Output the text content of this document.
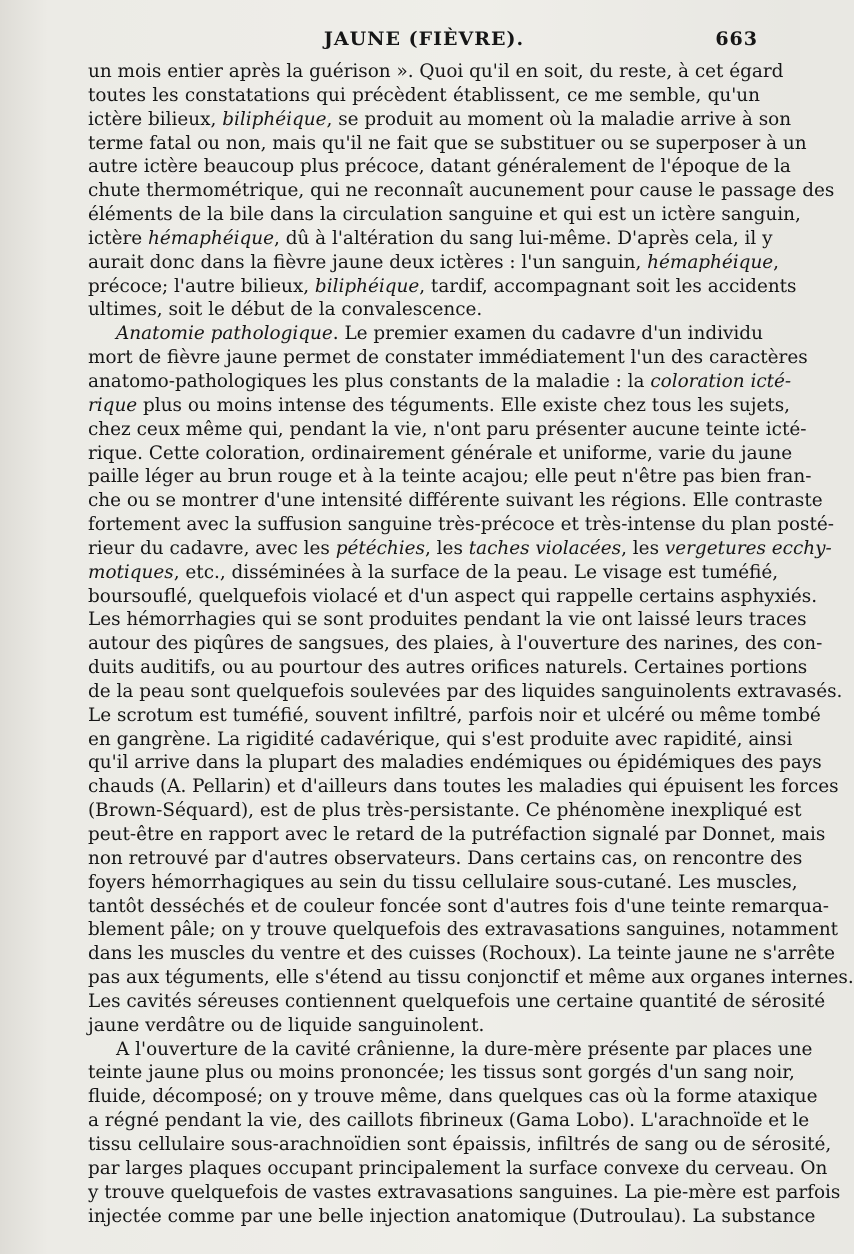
JAUNE (FIÈVRE).	663

un mois entier après la guérison ». Quoi qu'il en soit, du reste, à cet égard
toutes les constatations qui précèdent établissent, ce me semble, qu'un
ictère bilieux, biliphéique, se produit au moment où la maladie arrive à son
terme fatal ou non, mais qu'il ne fait que se substituer ou se superposer à un
autre ictère beaucoup plus précoce, datant généralement de l'époque de la
chute thermométrique, qui ne reconnaît aucunement pour cause le passage des
éléments de la bile dans la circulation sanguine et qui est un ictère sanguin,
ictère hémaphéique, dû à l'altération du sang lui-même. D'après cela, il y
aurait donc dans la fièvre jaune deux ictères : l'un sanguin, hémaphéique,
précoce; l'autre bilieux, biliphéique, tardif, accompagnant soit les accidents
ultimes, soit le début de la convalescence.

Anatomie pathologique. Le premier examen du cadavre d'un individu
mort de fièvre jaune permet de constater immédiatement l'un des caractères
anatomo-pathologiques les plus constants de la maladie : la coloration icté-
rique plus ou moins intense des téguments. Elle existe chez tous les sujets,
chez ceux même qui, pendant la vie, n'ont paru présenter aucune teinte icté-
rique. Cette coloration, ordinairement générale et uniforme, varie du jaune
paille léger au brun rouge et à la teinte acajou; elle peut n'être pas bien fran-
che ou se montrer d'une intensité différente suivant les régions. Elle contraste
fortement avec la suffusion sanguine très-précoce et très-intense du plan posté-
rieur du cadavre, avec les pétéchies, les taches violacées, les vergetures ecchy-
motiques, etc., disséminées à la surface de la peau. Le visage est tuméfié,
boursouflé, quelquefois violacé et d'un aspect qui rappelle certains asphyxiés.
Les hémorrhagies qui se sont produites pendant la vie ont laissé leurs traces
autour des piqûres de sangsues, des plaies, à l'ouverture des narines, des con-
duits auditifs, ou au pourtour des autres orifices naturels. Certaines portions
de la peau sont quelquefois soulevées par des liquides sanguinolents extravasés.
Le scrotum est tuméfié, souvent infiltré, parfois noir et ulcéré ou même tombé
en gangrène. La rigidité cadavérique, qui s'est produite avec rapidité, ainsi
qu'il arrive dans la plupart des maladies endémiques ou épidémiques des pays
chauds (A. Pellarin) et d'ailleurs dans toutes les maladies qui épuisent les forces
(Brown-Séquard), est de plus très-persistante. Ce phénomène inexpliqué est
peut-être en rapport avec le retard de la putréfaction signalé par Donnet, mais
non retrouvé par d'autres observateurs. Dans certains cas, on rencontre des
foyers hémorrhagiques au sein du tissu cellulaire sous-cutané. Les muscles,
tantôt desséchés et de couleur foncée sont d'autres fois d'une teinte remarqua-
blement pâle; on y trouve quelquefois des extravasations sanguines, notamment
dans les muscles du ventre et des cuisses (Rochoux). La teinte jaune ne s'arrête
pas aux téguments, elle s'étend au tissu conjonctif et même aux organes internes.
Les cavités séreuses contiennent quelquefois une certaine quantité de sérosité
jaune verdâtre ou de liquide sanguinolent.

A l'ouverture de la cavité crânienne, la dure-mère présente par places une
teinte jaune plus ou moins prononcée; les tissus sont gorgés d'un sang noir,
fluide, décomposé; on y trouve même, dans quelques cas où la forme ataxique
a régné pendant la vie, des caillots fibrineux (Gama Lobo). L'arachnoïde et le
tissu cellulaire sous-arachnoïdien sont épaissis, infiltrés de sang ou de sérosité,
par larges plaques occupant principalement la surface convexe du cerveau. On
y trouve quelquefois de vastes extravasations sanguines. La pie-mère est parfois
injectée comme par une belle injection anatomique (Dutroulau). La substance
